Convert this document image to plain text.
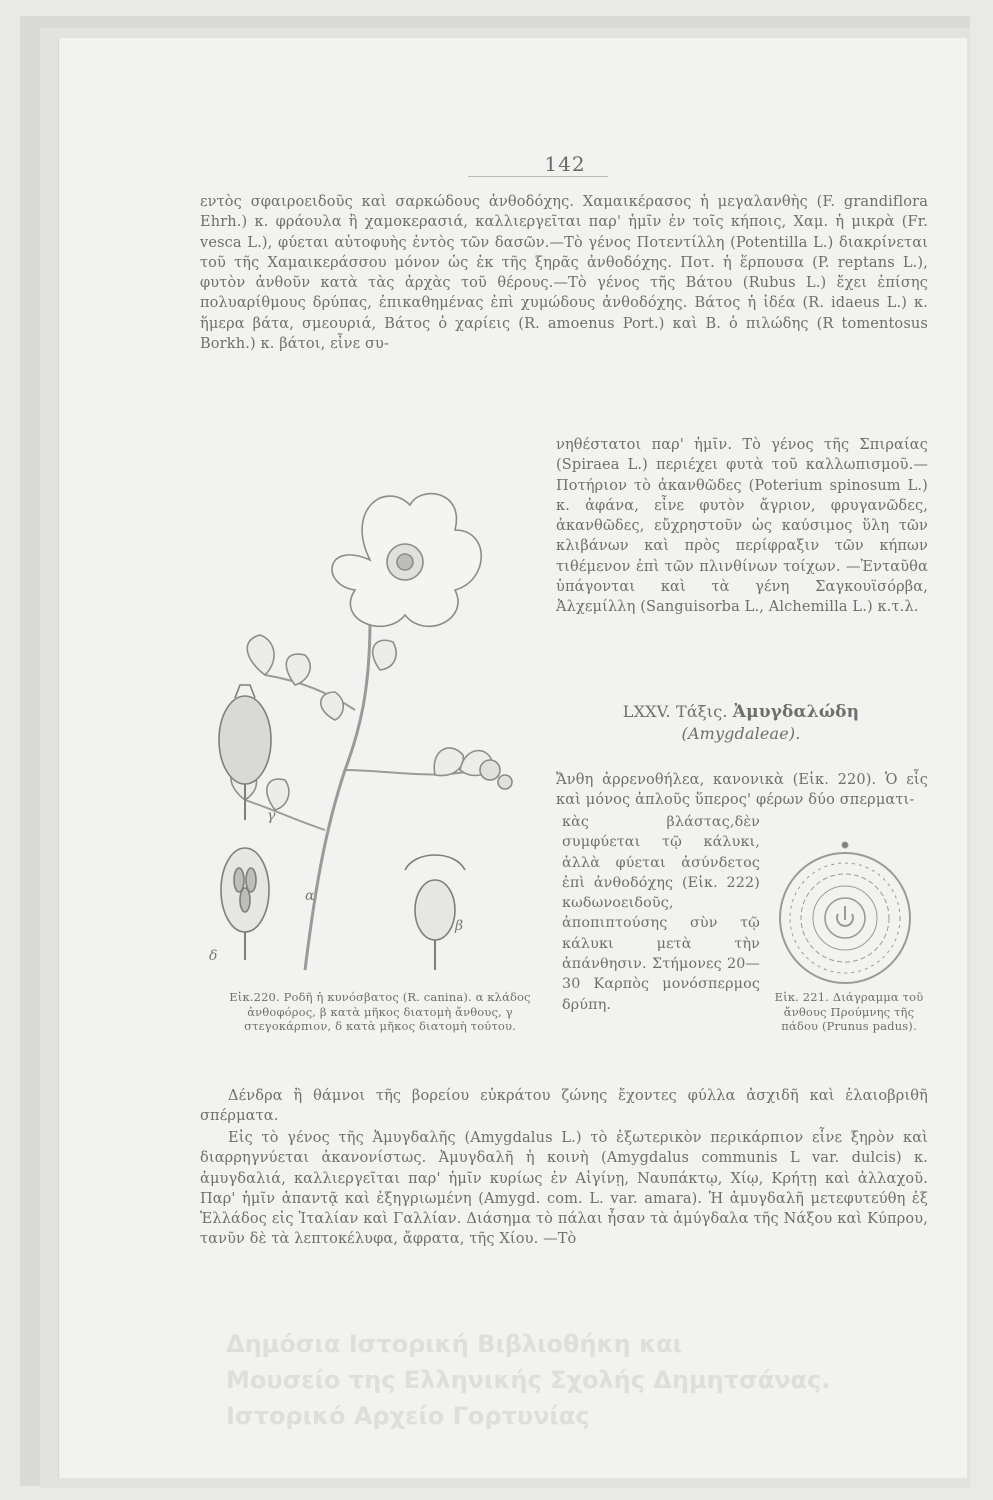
142

εντὸς σφαιροειδοῦς καὶ σαρκώδους ἀνθοδόχης. Χαμαικέρασος ἡ μεγαλανθὴς (F. grandiflora Ehrh.) κ. φράουλα ἢ χαμοκερασιά, καλλιεργεῖται παρ' ἡμῖν ἐν τοῖς κήποις, Χαμ. ἡ μικρὰ (Fr. vesca L.), φύεται αὐτοφυὴς ἐντὸς τῶν δασῶν.—Τὸ γένος Ποτεντίλλη (Potentilla L.) διακρίνεται τοῦ τῆς Χαμαικεράσσου μόνον ὡς ἐκ τῆς ξηρᾶς ἀνθοδόχης. Ποτ. ἡ ἕρπουσα (P. reptans L.), φυτὸν ἀνθοῦν κατὰ τὰς ἀρχὰς τοῦ θέρους.—Τὸ γένος τῆς Βάτου (Rubus L.) ἔχει ἐπίσης πολυαρίθμους δρύπας, ἐπικαθημένας ἐπὶ χυμώδους ἀνθοδόχης. Βάτος ἡ ἰδέα (R. idaeus L.) κ. ἥμερα βάτα, σμεουριά, Βάτος ὁ χαρίεις (R. amoenus Port.) καὶ Β. ὁ πιλώδης (R tomentosus Borkh.) κ. βάτοι, εἶνε συ-

νηθέστατοι παρ' ἡμῖν. Τὸ γένος τῆς Σπιραίας (Spiraea L.) περιέχει φυτὰ τοῦ καλλωπισμοῦ.— Ποτήριον τὸ ἀκανθῶδες (Poterium spinosum L.) κ. ἀφάνα, εἶνε φυτὸν ἄγριον, φρυγανῶδες, ἀκανθῶδες, εὔχρηστοῦν ὡς καύσιμος ὕλη τῶν κλιβάνων καὶ πρὸς περίφραξιν τῶν κήπων τιθέμενον ἐπὶ τῶν πλινθίνων τοίχων. —Ἐνταῦθα ὑπάγονται καὶ τὰ γένη Σαγκουϊσόρβα, Ἀλχεμίλλη (Sanguisorba L., Alchemilla L.) κ.τ.λ.

LXXV. Τάξις. Ἀμυγδαλώδη
(Amygdaleae).

Ἄνθη ἀρρενοθήλεα, κανονικὰ (Εἰκ. 220). Ὁ εἷς καὶ μόνος ἁπλοῦς ὕπερος' φέρων δύο σπερματι-

κὰς βλάστας,δὲν συμφύεται τῷ κάλυκι, ἀλλὰ φύεται ἀσύνδετος ἐπὶ ἀνθοδόχης (Εἰκ. 222) κωδωνοειδοῦς, ἀποπιπτούσης σὺν τῷ κάλυκι μετὰ τὴν ἀπάνθησιν. Στήμονες 20—30 Καρπὸς μονόσπερμος δρύπη.

α
β
γ
δ
Εἰκ.220. Ροδῆ ἡ κυνόσβατος (R. canina). α κλάδος ἀνθοφόρος, β κατὰ μῆκος διατομὴ ἄνθους, γ στεγοκάρπιον, δ κατὰ μῆκος διατομὴ τούτου.
Εἰκ. 221. Διάγραμμα τοῦ ἄνθους Προύμνης τῆς πάδου (Prunus padus).

Δένδρα ἢ θάμνοι τῆς βορείου εὐκράτου ζώνης ἔχοντες φύλλα ἀσχιδῆ καὶ ἐλαιοβριθῆ σπέρματα.

Εἰς τὸ γένος τῆς Ἀμυγδαλῆς (Amygdalus L.) τὸ ἐξωτερικὸν περικάρπιον εἶνε ξηρὸν καὶ διαρρηγνύεται ἀκανονίστως. Ἀμυγδαλῆ ἡ κοινὴ (Amygdalus communis L var. dulcis) κ. ἀμυγδαλιά, καλλιεργεῖται παρ' ἡμῖν κυρίως ἐν Αἰγίνῃ, Ναυπάκτῳ, Χίῳ, Κρήτῃ καὶ ἀλλαχοῦ. Παρ' ἡμῖν ἀπαντᾷ καὶ ἐξηγριωμένη (Amygd. com. L. var. amara). Ἡ ἀμυγδαλῆ μετεφυτεύθη ἐξ Ἑλλάδος εἰς Ἰταλίαν καὶ Γαλλίαν. Διάσημα τὸ πάλαι ἦσαν τὰ ἀμύγδαλα τῆς Νάξου καὶ Κύπρου, τανῦν δὲ τὰ λεπτοκέλυφα, ἄφρατα, τῆς Χίου. —Τὸ

Δημόσια Ιστορική Βιβλιοθήκη και
Μουσείο της Ελληνικής Σχολής Δημητσάνας.
Ιστορικό Αρχείο Γορτυνίας
